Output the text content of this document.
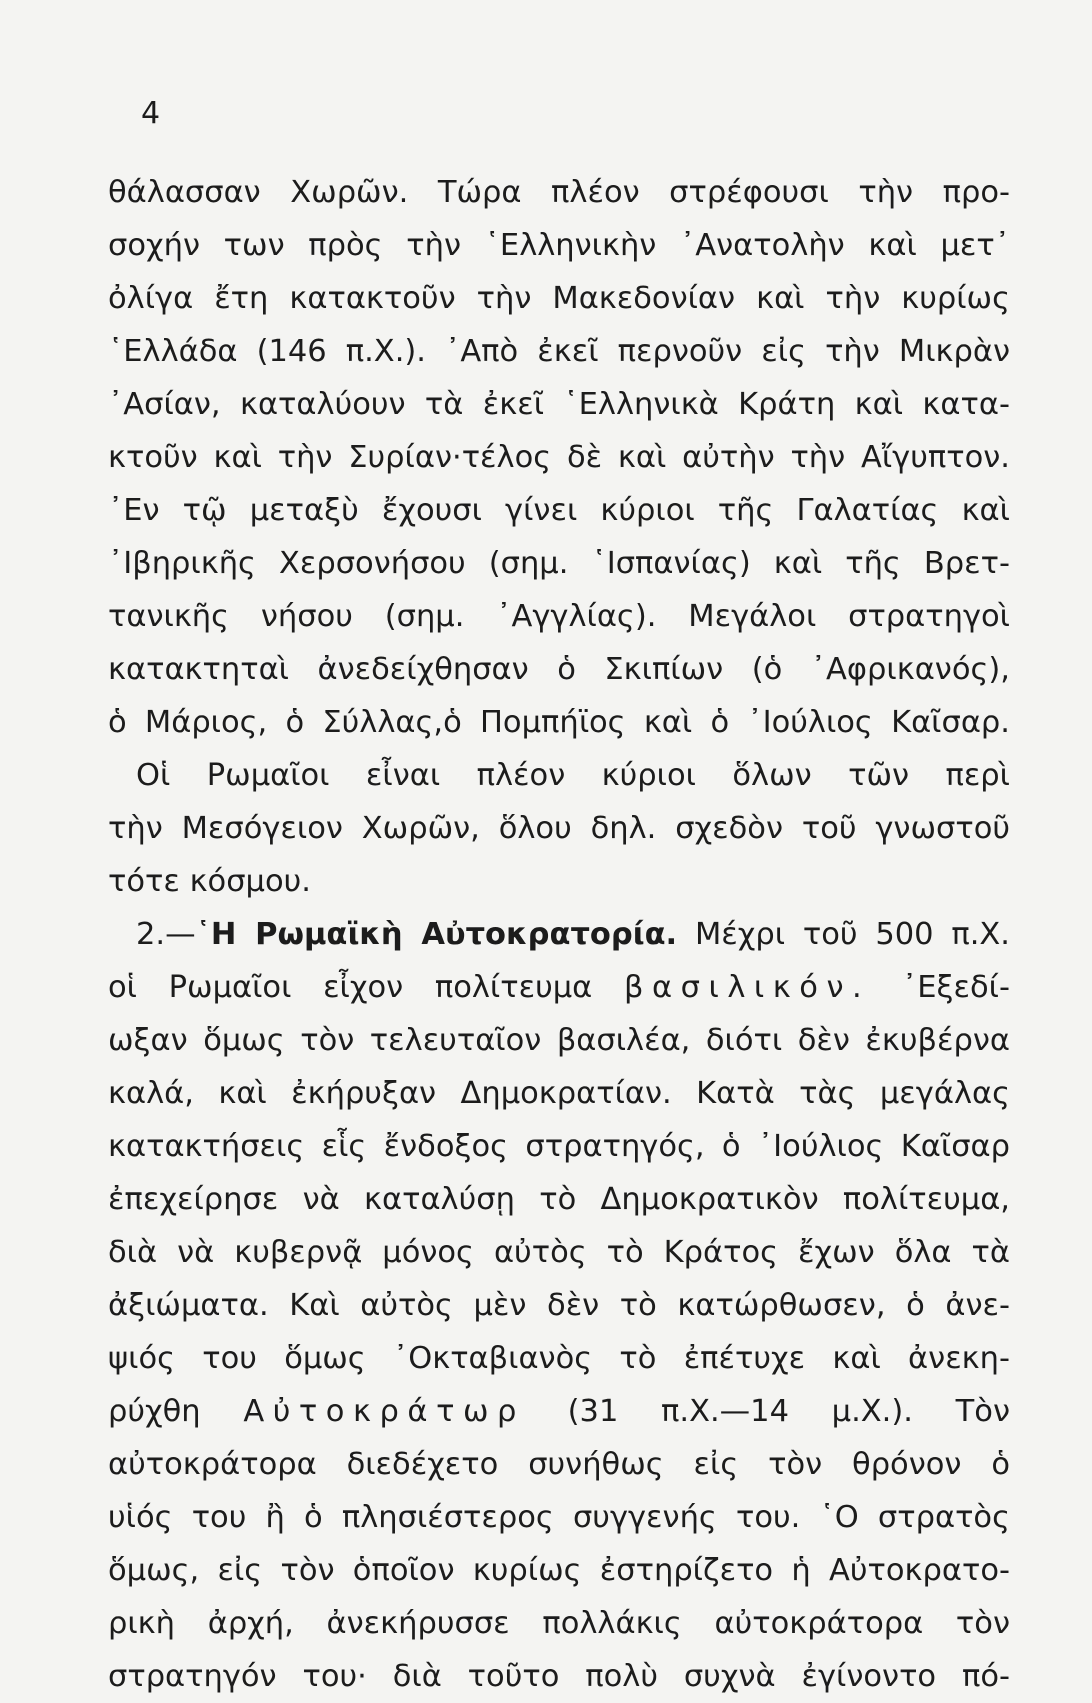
4
θάλασσαν Χωρῶν. Τώρα πλέον στρέφουσι τὴν προ-
σοχήν των πρὸς τὴν ῾Ελληνικὴν ᾿Ανατολὴν καὶ μετ᾿
ὀλίγα ἔτη κατακτοῦν τὴν Μακεδονίαν καὶ τὴν κυρίως
῾Ελλάδα (146 π.Χ.). ᾿Απὸ ἐκεῖ περνοῦν εἰς τὴν Μικρὰν
᾿Ασίαν, καταλύουν τὰ ἐκεῖ ῾Ελληνικὰ Κράτη καὶ κατα-
κτοῦν καὶ τὴν Συρίαν·τέλος δὲ καὶ αὐτὴν τὴν Αἴγυπτον.
᾿Εν τῷ μεταξὺ ἔχουσι γίνει κύριοι τῆς Γαλατίας καὶ
᾿Ιβηρικῆς Χερσονήσου (σημ. ῾Ισπανίας) καὶ τῆς Βρετ-
τανικῆς νήσου (σημ. ᾿Αγγλίας). Μεγάλοι στρατηγοὶ
κατακτηταὶ ἀνεδείχθησαν ὁ Σκιπίων (ὁ ᾿Αφρικανός),
ὁ Μάριος, ὁ Σύλλας,ὁ Πομπήϊος καὶ ὁ ᾿Ιούλιος Καῖσαρ.
Οἱ Ρωμαῖοι εἶναι πλέον κύριοι ὅλων τῶν περὶ
τὴν Μεσόγειον Χωρῶν, ὅλου δηλ. σχεδὸν τοῦ γνωστοῦ
τότε κόσμου.
2.—῾Η Ρωμαϊκὴ Αὐτοκρατορία. Μέχρι τοῦ 500 π.Χ.
οἱ Ρωμαῖοι εἶχον πολίτευμα βασιλικόν. ᾿Εξεδί-
ωξαν ὅμως τὸν τελευταῖον βασιλέα, διότι δὲν ἐκυβέρνα
καλά, καὶ ἐκήρυξαν Δημοκρατίαν. Κατὰ τὰς μεγάλας
κατακτήσεις εἷς ἔνδοξος στρατηγός, ὁ ᾿Ιούλιος Καῖσαρ
ἐπεχείρησε νὰ καταλύσῃ τὸ Δημοκρατικὸν πολίτευμα,
διὰ νὰ κυβερνᾷ μόνος αὐτὸς τὸ Κράτος ἔχων ὅλα τὰ
ἀξιώματα. Καὶ αὐτὸς μὲν δὲν τὸ κατώρθωσεν, ὁ ἀνε-
ψιός του ὅμως ᾿Οκταβιανὸς τὸ ἐπέτυχε καὶ ἀνεκη-
ρύχθη Αὐτοκράτωρ (31 π.Χ.—14 μ.Χ.). Τὸν
αὐτοκράτορα διεδέχετο συνήθως εἰς τὸν θρόνον ὁ
υἱός του ἢ ὁ πλησιέστερος συγγενής του. ῾Ο στρατὸς
ὅμως, εἰς τὸν ὁποῖον κυρίως ἐστηρίζετο ἡ Αὐτοκρατο-
ρικὴ ἀρχή, ἀνεκήρυσσε πολλάκις αὐτοκράτορα τὸν
στρατηγόν του· διὰ τοῦτο πολὺ συχνὰ ἐγίνοντο πό-
